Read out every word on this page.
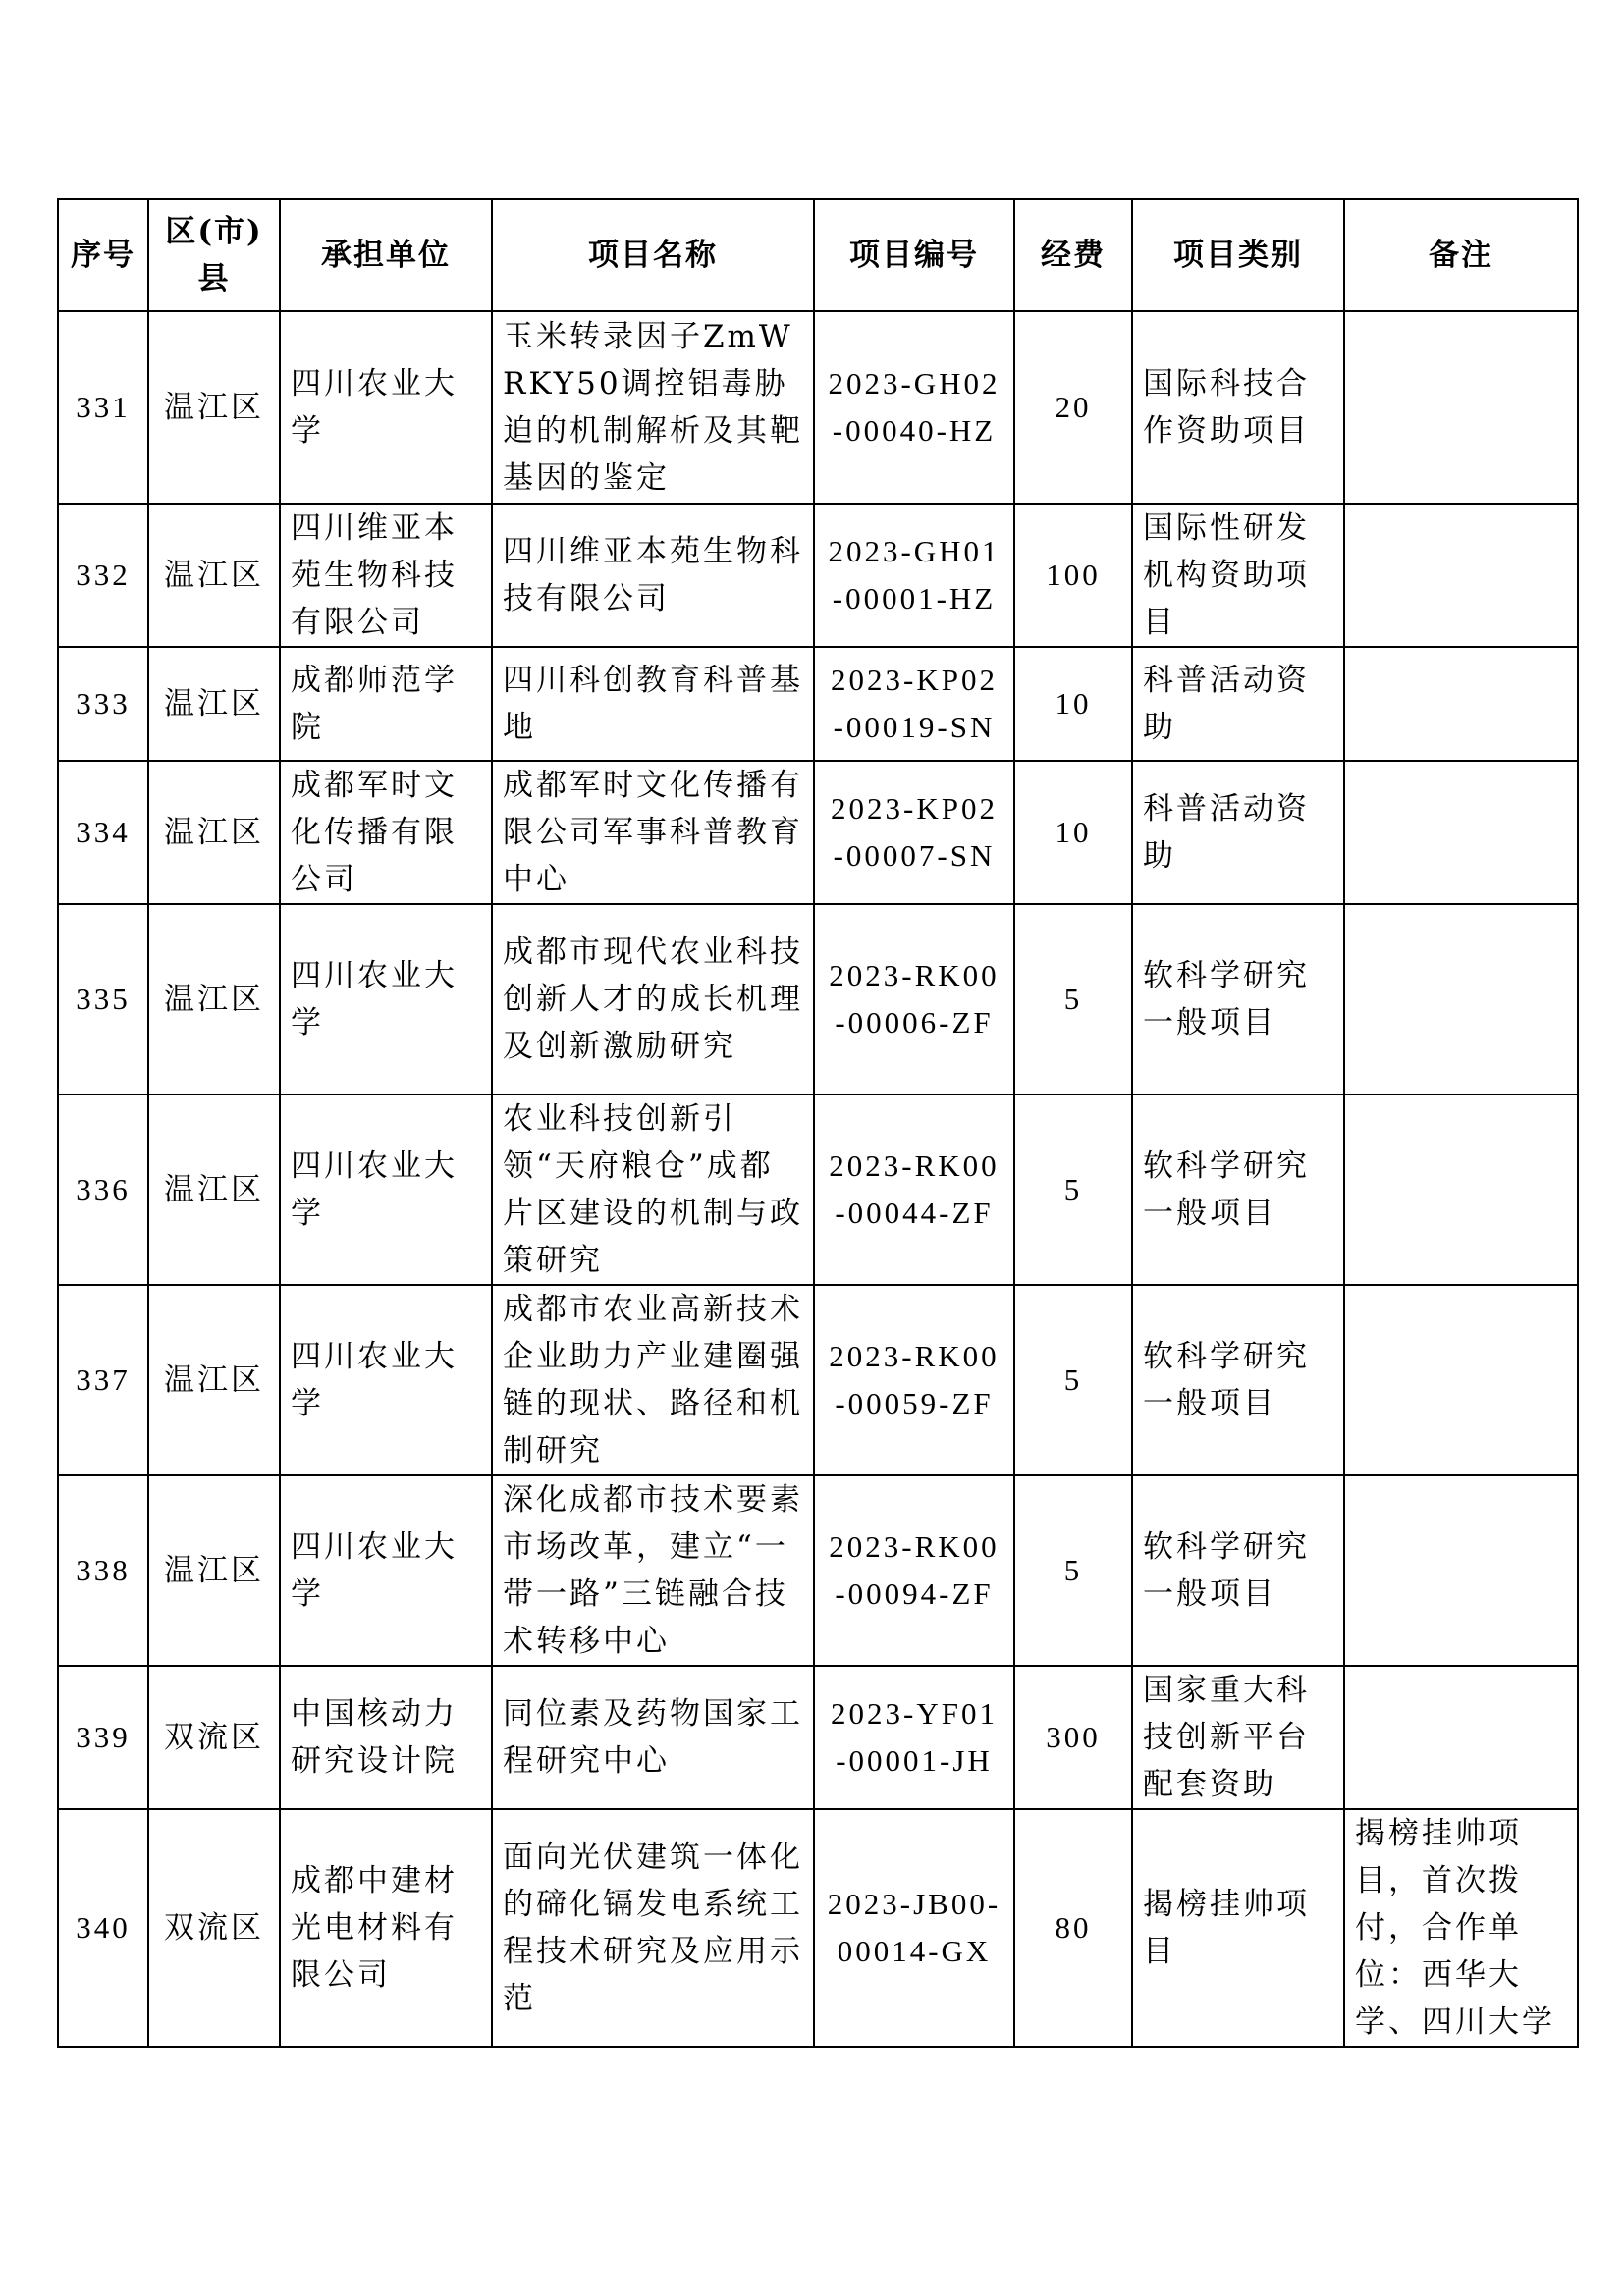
序号	区(市)县	承担单位	项目名称	项目编号	经费	项目类别	备注
331	温江区	四川农业大学	玉米转录因子ZmWRKY50调控铝毒胁迫的机制解析及其靶基因的鉴定	2023-GH02-00040-HZ	20	国际科技合作资助项目	
332	温江区	四川维亚本苑生物科技有限公司	四川维亚本苑生物科技有限公司	2023-GH01-00001-HZ	100	国际性研发机构资助项目	
333	温江区	成都师范学院	四川科创教育科普基地	2023-KP02-00019-SN	10	科普活动资助	
334	温江区	成都军时文化传播有限公司	成都军时文化传播有限公司军事科普教育中心	2023-KP02-00007-SN	10	科普活动资助	
335	温江区	四川农业大学	成都市现代农业科技创新人才的成长机理及创新激励研究	2023-RK00-00006-ZF	5	软科学研究一般项目	
336	温江区	四川农业大学	农业科技创新引领“天府粮仓”成都片区建设的机制与政策研究	2023-RK00-00044-ZF	5	软科学研究一般项目	
337	温江区	四川农业大学	成都市农业高新技术企业助力产业建圈强链的现状、路径和机制研究	2023-RK00-00059-ZF	5	软科学研究一般项目	
338	温江区	四川农业大学	深化成都市技术要素市场改革，建立“一带一路”三链融合技术转移中心	2023-RK00-00094-ZF	5	软科学研究一般项目	
339	双流区	中国核动力研究设计院	同位素及药物国家工程研究中心	2023-YF01-00001-JH	300	国家重大科技创新平台配套资助	
340	双流区	成都中建材光电材料有限公司	面向光伏建筑一体化的碲化镉发电系统工程技术研究及应用示范	2023-JB00-00014-GX	80	揭榜挂帅项目	揭榜挂帅项目，首次拨付，合作单位：西华大学、四川大学
